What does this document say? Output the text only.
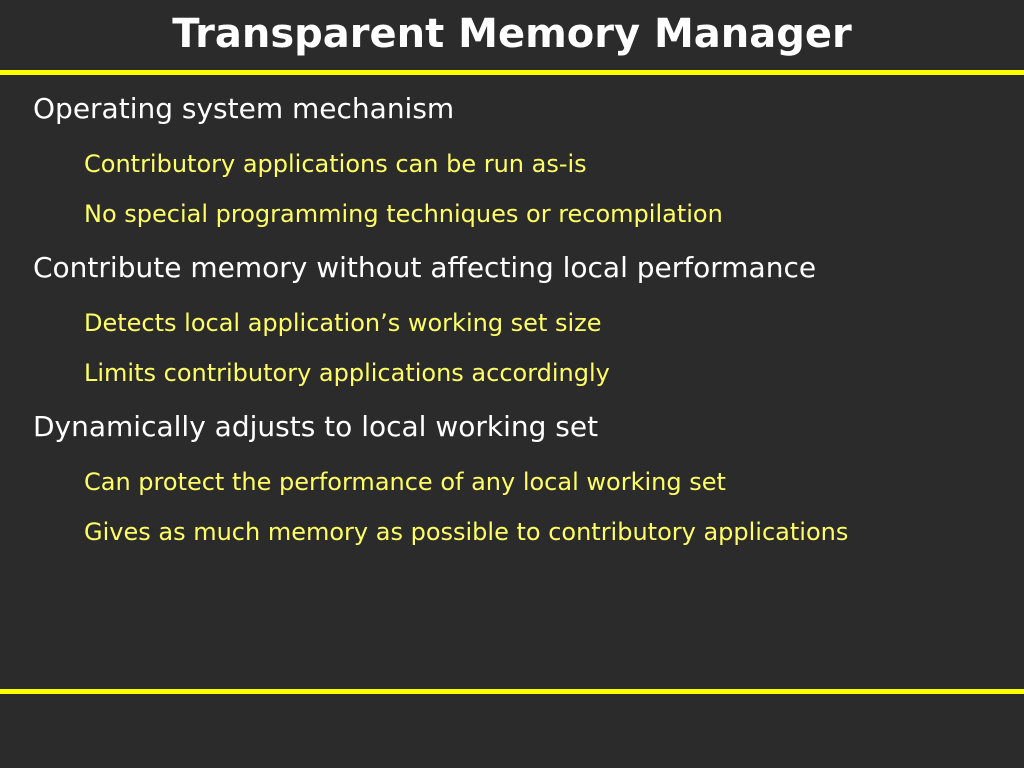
Transparent Memory Manager
Operating system mechanism
Contributory applications can be run as-is
No special programming techniques or recompilation
Contribute memory without affecting local performance
Detects local application’s working set size
Limits contributory applications accordingly
Dynamically adjusts to local working set
Can protect the performance of any local working set
Gives as much memory as possible to contributory applications
